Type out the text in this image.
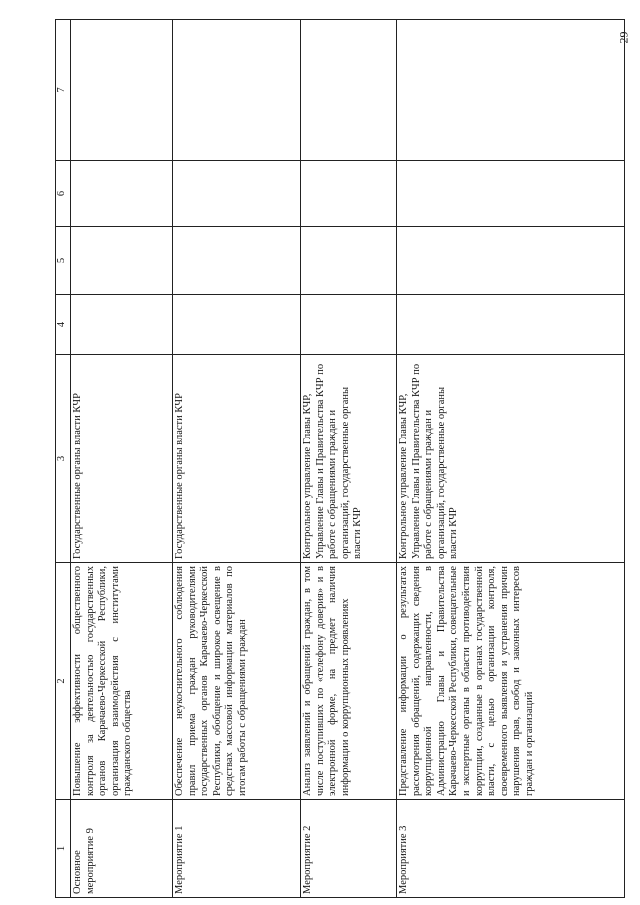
29
1	2	3	4	5	6	7
Основное мероприятие 9	Повышение эффективности общественного контроля за деятельностью государственных органов Карачаево-Черкесской Республики, организация взаимодействия с институтами гражданского общества	Государственные органы власти КЧР				
Мероприятие 1	Обеспечение неукоснительного соблюдения правил приема граждан руководителями государственных органов Карачаево-Черкесской Республики, обобщение и широкое освещение в средствах массовой информации материалов по итогам работы с обращениями граждан	Государственные органы власти КЧР				
Мероприятие 2	Анализ заявлений и обращений граждан, в том числе поступивших по «телефону доверия» и в электронной форме, на предмет наличия информации о коррупционных проявлениях	Контрольное управление Главы КЧР, Управление Главы и Правительства КЧР по работе с обращениями граждан и организаций, государственные органы власти КЧР				
Мероприятие 3	Представление информации о результатах рассмотрения обращений, содержащих сведения коррупционной направленности, в Администрацию Главы и Правительства Карачаево-Черкесской Республики, совещательные и экспертные органы в области противодействия коррупции, созданные в органах государственной власти, с целью организации контроля, своевременного выявления и устранения причин нарушения прав, свобод и законных интересов граждан и организаций	Контрольное управление Главы КЧР, Управление Главы и Правительства КЧР по работе с обращениями граждан и организаций, государственные органы власти КЧР				
